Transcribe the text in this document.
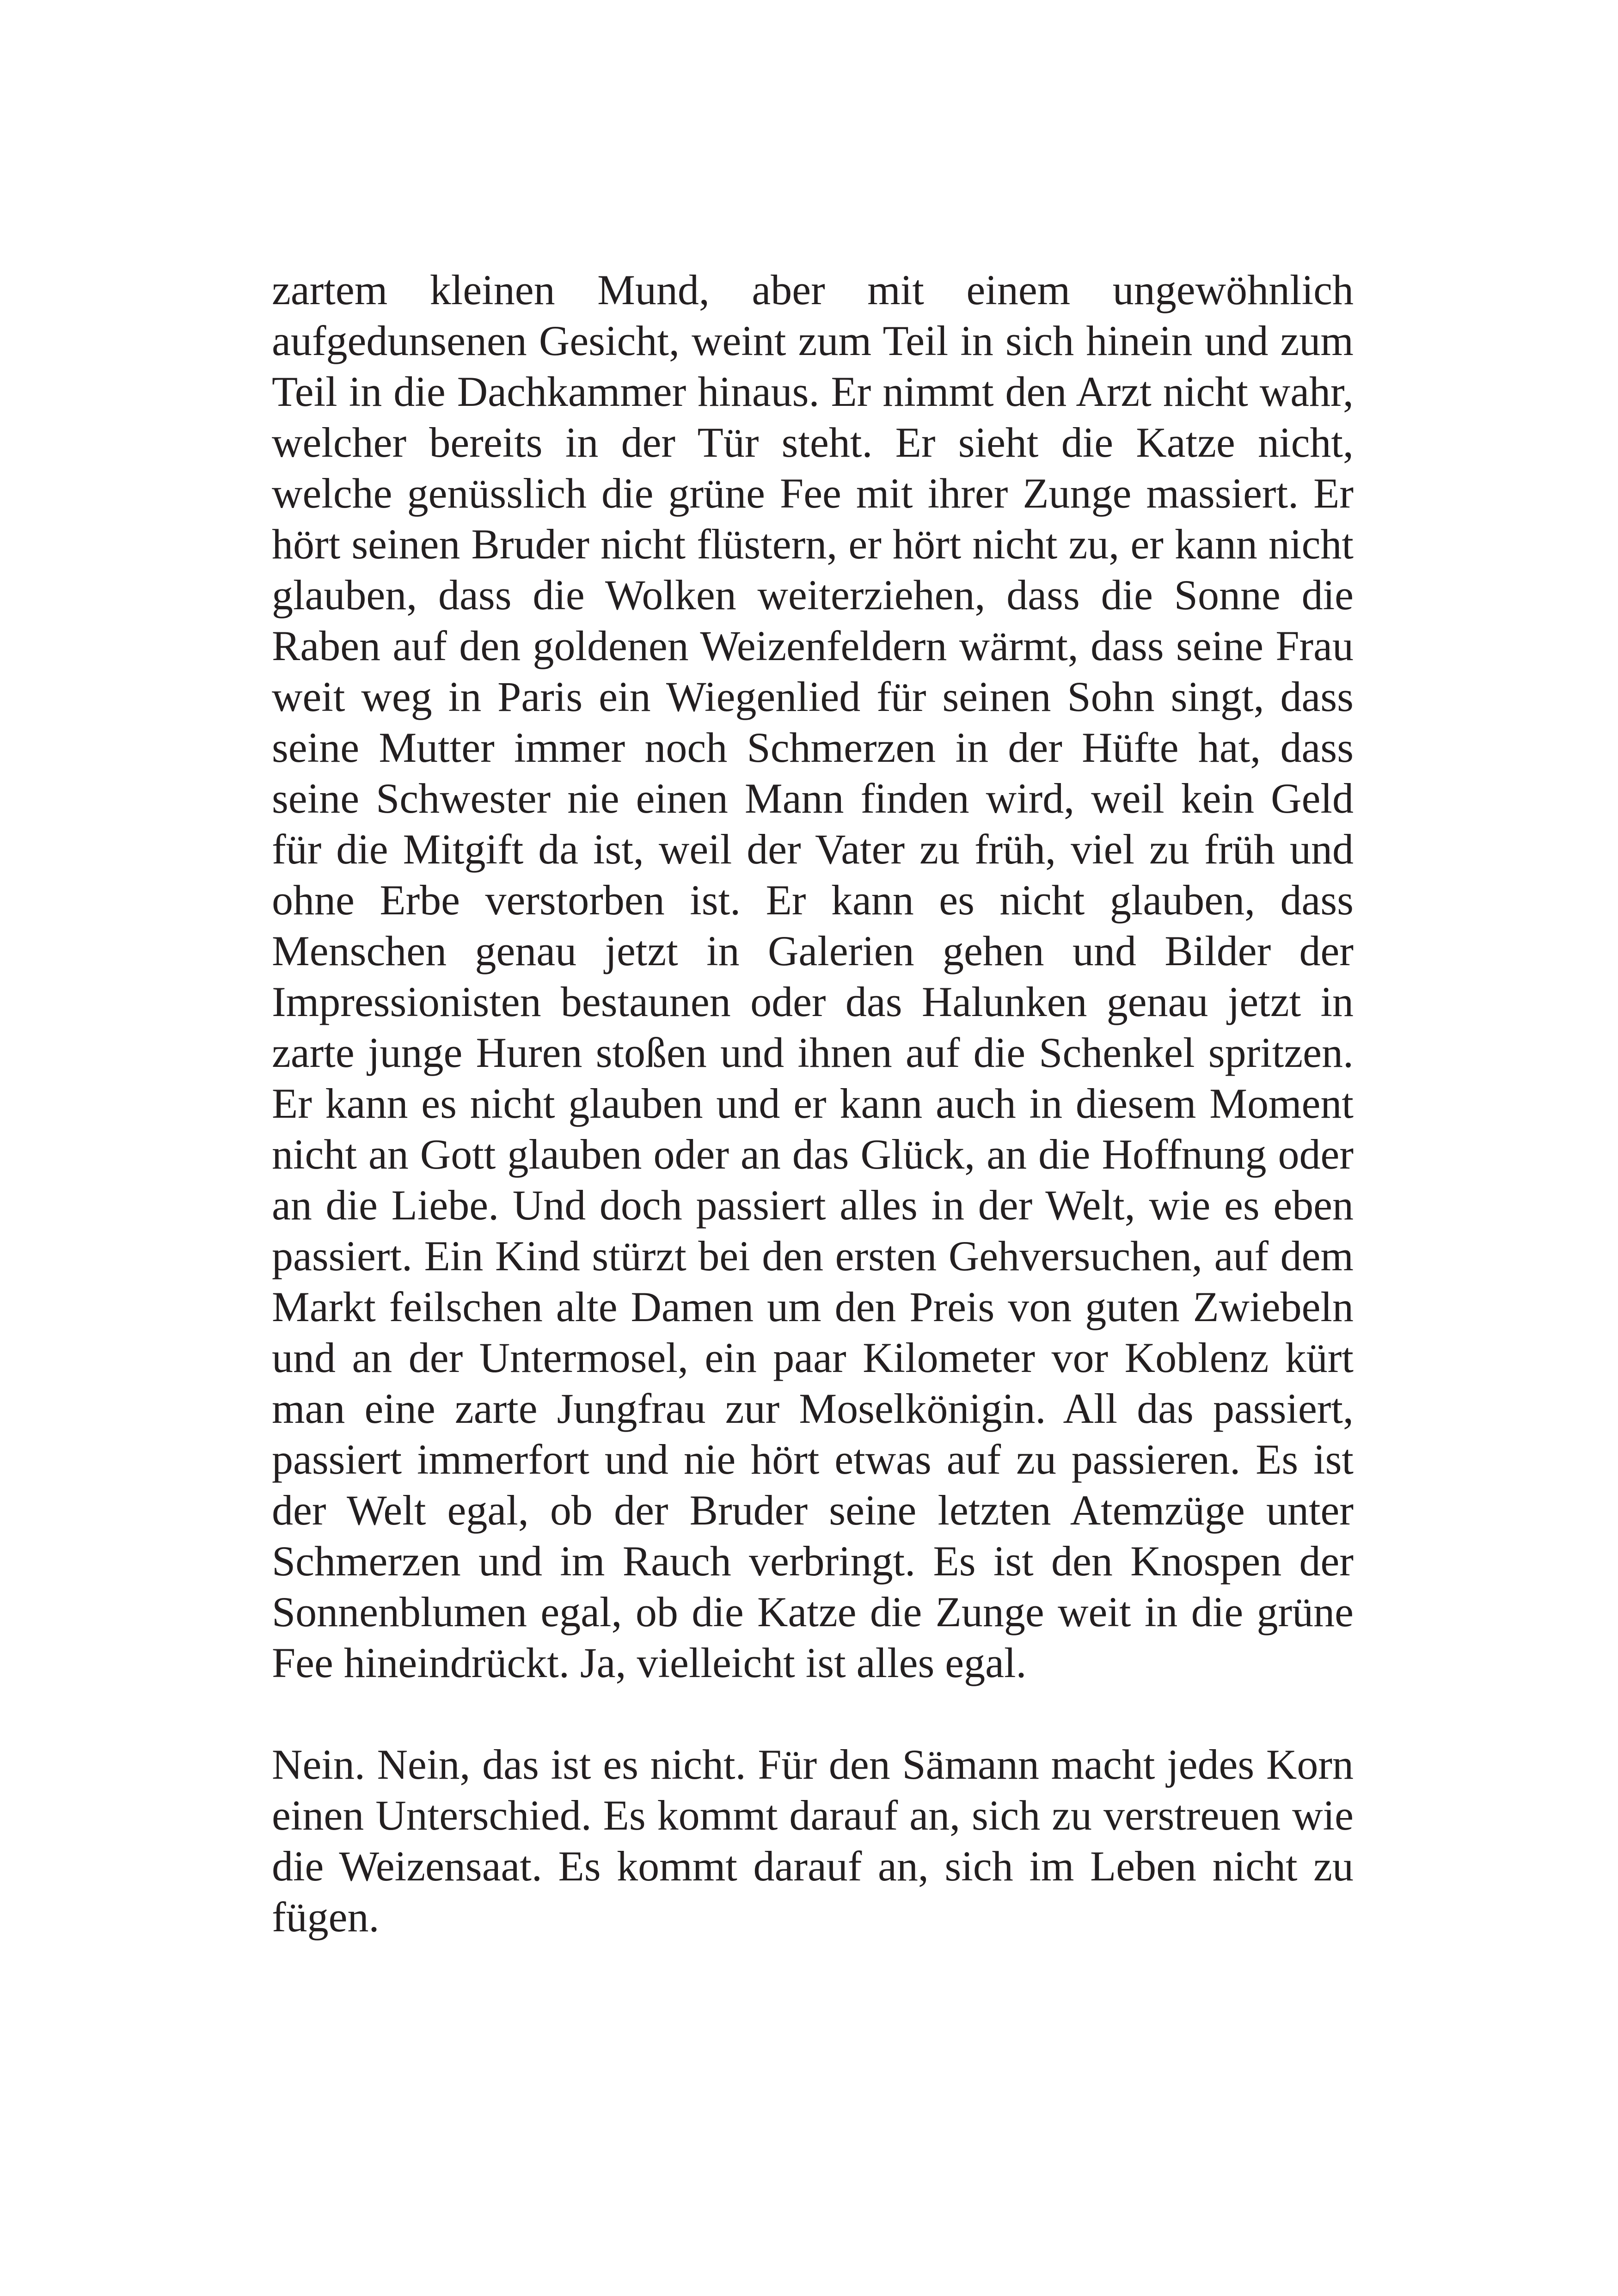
zartem kleinen Mund, aber mit einem ungewöhnlich aufgedunsenen Gesicht, weint zum Teil in sich hinein und zum Teil in die Dachkammer hinaus. Er nimmt den Arzt nicht wahr, welcher bereits in der Tür steht. Er sieht die Katze nicht, welche genüsslich die grüne Fee mit ihrer Zunge massiert. Er hört seinen Bruder nicht flüstern, er hört nicht zu, er kann nicht glauben, dass die Wolken weiterziehen, dass die Sonne die Raben auf den goldenen Weizenfeldern wärmt, dass seine Frau weit weg in Paris ein Wiegenlied für seinen Sohn singt, dass seine Mutter immer noch Schmerzen in der Hüfte hat, dass seine Schwester nie einen Mann finden wird, weil kein Geld für die Mitgift da ist, weil der Vater zu früh, viel zu früh und ohne Erbe verstorben ist. Er kann es nicht glauben, dass Menschen genau jetzt in Galerien gehen und Bilder der Impressionisten bestaunen oder das Halunken genau jetzt in zarte junge Huren stoßen und ihnen auf die Schenkel spritzen. Er kann es nicht glauben und er kann auch in diesem Moment nicht an Gott glauben oder an das Glück, an die Hoffnung oder an die Liebe. Und doch passiert alles in der Welt, wie es eben passiert. Ein Kind stürzt bei den ersten Gehversuchen, auf dem Markt feilschen alte Damen um den Preis von guten Zwiebeln und an der Untermosel, ein paar Kilometer vor Koblenz kürt man eine zarte Jungfrau zur Moselkönigin. All das passiert, passiert immerfort und nie hört etwas auf zu passieren. Es ist der Welt egal, ob der Bruder seine letzten Atemzüge unter Schmerzen und im Rauch verbringt. Es ist den Knospen der Sonnenblumen egal, ob die Katze die Zunge weit in die grüne Fee hineindrückt. Ja, vielleicht ist alles egal.

Nein. Nein, das ist es nicht. Für den Sämann macht jedes Korn einen Unterschied. Es kommt darauf an, sich zu verstreuen wie die Weizensaat. Es kommt darauf an, sich im Leben nicht zu fügen.
